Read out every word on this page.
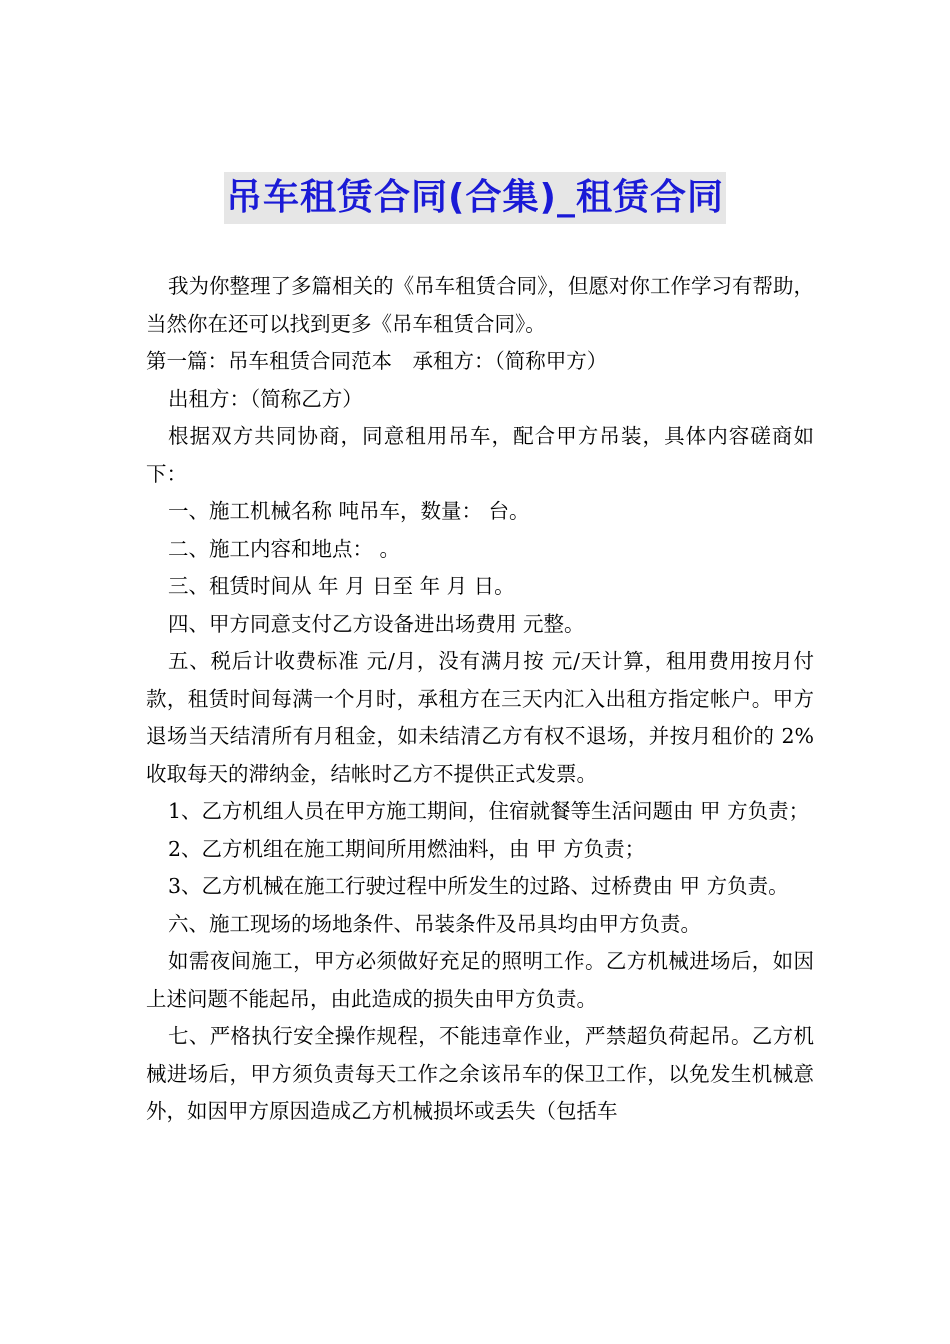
吊车租赁合同(合集)_租赁合同

我为你整理了多篇相关的《吊车租赁合同》，但愿对你工作学习有帮助，当然你在还可以找到更多《吊车租赁合同》。

第一篇：吊车租赁合同范本　承租方：（简称甲方）

出租方：（简称乙方）

根据双方共同协商，同意租用吊车，配合甲方吊装，具体内容磋商如下：

一、施工机械名称 吨吊车，数量： 台。

二、施工内容和地点： 。

三、租赁时间从 年 月 日至 年 月 日。

四、甲方同意支付乙方设备进出场费用 元整。

五、税后计收费标准 元/月，没有满月按 元/天计算，租用费用按月付款，租赁时间每满一个月时，承租方在三天内汇入出租方指定帐户。甲方退场当天结清所有月租金，如未结清乙方有权不退场，并按月租价的 2%收取每天的滞纳金，结帐时乙方不提供正式发票。

1、乙方机组人员在甲方施工期间，住宿就餐等生活问题由 甲 方负责；

2、乙方机组在施工期间所用燃油料，由 甲 方负责；

3、乙方机械在施工行驶过程中所发生的过路、过桥费由 甲 方负责。

六、施工现场的场地条件、吊装条件及吊具均由甲方负责。

如需夜间施工，甲方必须做好充足的照明工作。乙方机械进场后，如因上述问题不能起吊，由此造成的损失由甲方负责。

七、严格执行安全操作规程，不能违章作业，严禁超负荷起吊。乙方机械进场后，甲方须负责每天工作之余该吊车的保卫工作，以免发生机械意外，如因甲方原因造成乙方机械损坏或丢失（包括车
